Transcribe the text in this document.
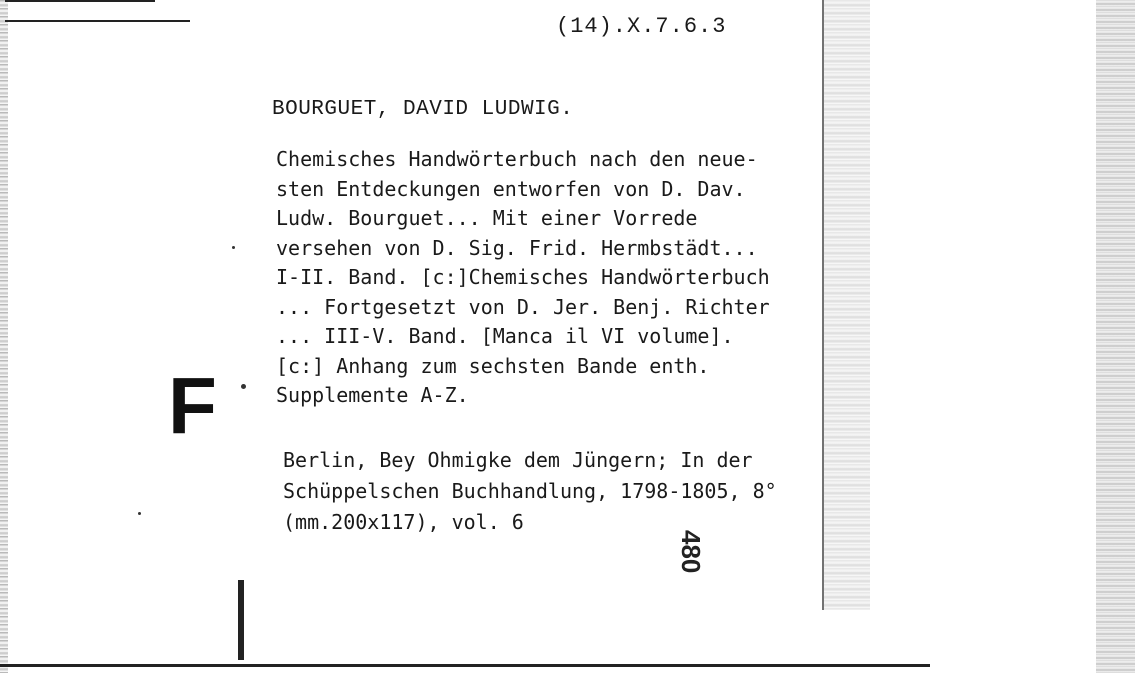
(14).X.7.6.3
BOURGUET, DAVID LUDWIG.
Chemisches Handwörterbuch nach den neue-
sten Entdeckungen entworfen von D. Dav.
Ludw. Bourguet... Mit einer Vorrede
versehen von D. Sig. Frid. Hermbstädt...
I-II. Band. [c:]Chemisches Handwörterbuch
... Fortgesetzt von D. Jer. Benj. Richter
... III-V. Band. [Manca il VI volume].
[c:] Anhang zum sechsten Bande enth.
Supplemente A-Z.
Berlin, Bey Ohmigke dem Jüngern; In der
Schüppelschen Buchhandlung, 1798-1805, 8°
(mm.200x117), vol. 6
F
480
